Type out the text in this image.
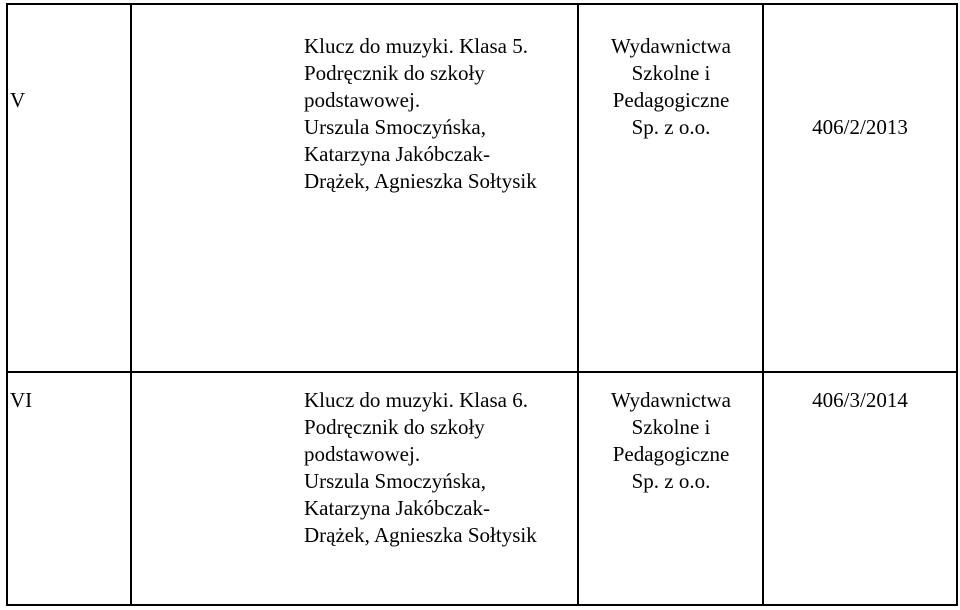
V
Klucz do muzyki. Klasa 5.
Podręcznik do szkoły
podstawowej.
Urszula Smoczyńska,
Katarzyna Jakóbczak-
Drążek, Agnieszka Sołtysik
Wydawnictwa
Szkolne i
Pedagogiczne
Sp. z o.o.	406/2/2013
VI	Klucz do muzyki. Klasa 6.
Podręcznik do szkoły
podstawowej.
Urszula Smoczyńska,
Katarzyna Jakóbczak-
Drążek, Agnieszka Sołtysik
Wydawnictwa
Szkolne i
Pedagogiczne
Sp. z o.o.
406/3/2014
